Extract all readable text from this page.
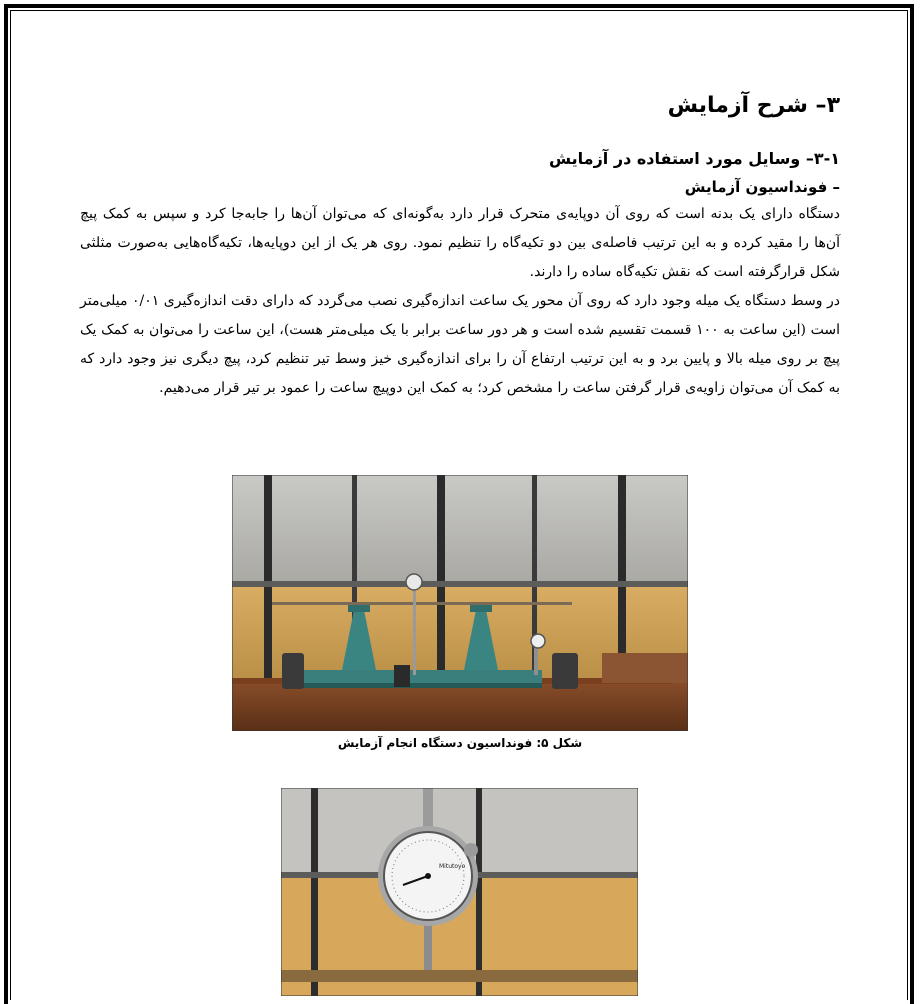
۳– شرح آزمایش
۳-۱– وسایل مورد استفاده در آزمایش
– فونداسیون آزمایش

دستگاه دارای یک بدنه است که روی آن دوپایه‌ی متحرک قرار دارد به‌گونه‌ای که می‌توان آن‌ها را جابه‌جا کرد و سپس به کمک پیچ آن‌ها را مقید کرده و به این ترتیب فاصله‌ی بین دو تکیه‌گاه را تنظیم نمود. روی هر یک از این دوپایه‌ها، تکیه‌گاه‌هایی به‌صورت مثلثی شکل قرارگرفته است که نقش تکیه‌گاه ساده را دارند.

در وسط دستگاه یک میله وجود دارد که روی آن محور یک ساعت اندازه‌گیری نصب می‌گردد که دارای دقت اندازه‌گیری ۰/۰۱ میلی‌متر است (این ساعت به ۱۰۰ قسمت تقسیم شده است و هر دور ساعت برابر با یک میلی‌متر هست)، این ساعت را می‌توان به کمک یک پیچ بر روی میله بالا و پایین برد و به این ترتیب ارتفاع آن را برای اندازه‌گیری خیز وسط تیر تنظیم کرد، پیچ دیگری نیز وجود دارد که به کمک آن می‌توان زاویه‌ی قرار گرفتن ساعت را مشخص کرد؛ به کمک این دوپیچ ساعت را عمود بر تیر قرار می‌دهیم.

شکل ۵: فونداسیون دستگاه انجام آزمایش
Mitutoyo
